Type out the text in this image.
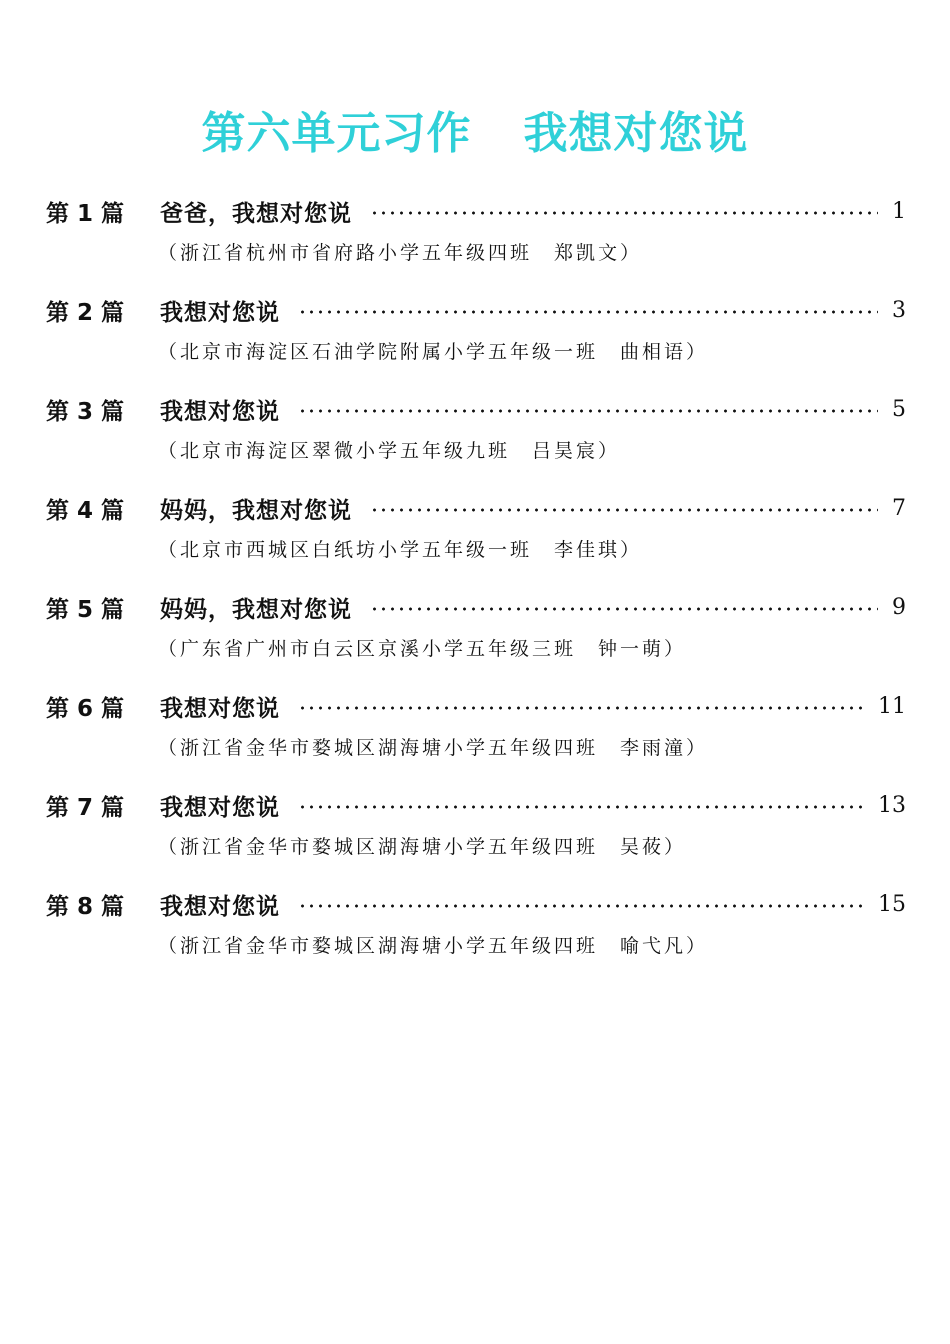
第六单元习作 我想对您说
第 1 篇	爸爸，我想对您说	1
（浙江省杭州市省府路小学五年级四班　郑凯文）
第 2 篇	我想对您说	3
（北京市海淀区石油学院附属小学五年级一班　曲相语）
第 3 篇	我想对您说	5
（北京市海淀区翠微小学五年级九班　吕昊宸）
第 4 篇	妈妈，我想对您说	7
（北京市西城区白纸坊小学五年级一班　李佳琪）
第 5 篇	妈妈，我想对您说	9
（广东省广州市白云区京溪小学五年级三班　钟一萌）
第 6 篇	我想对您说	11
（浙江省金华市婺城区湖海塘小学五年级四班　李雨潼）
第 7 篇	我想对您说	13
（浙江省金华市婺城区湖海塘小学五年级四班　吴莜）
第 8 篇	我想对您说	15
（浙江省金华市婺城区湖海塘小学五年级四班　喻弋凡）
